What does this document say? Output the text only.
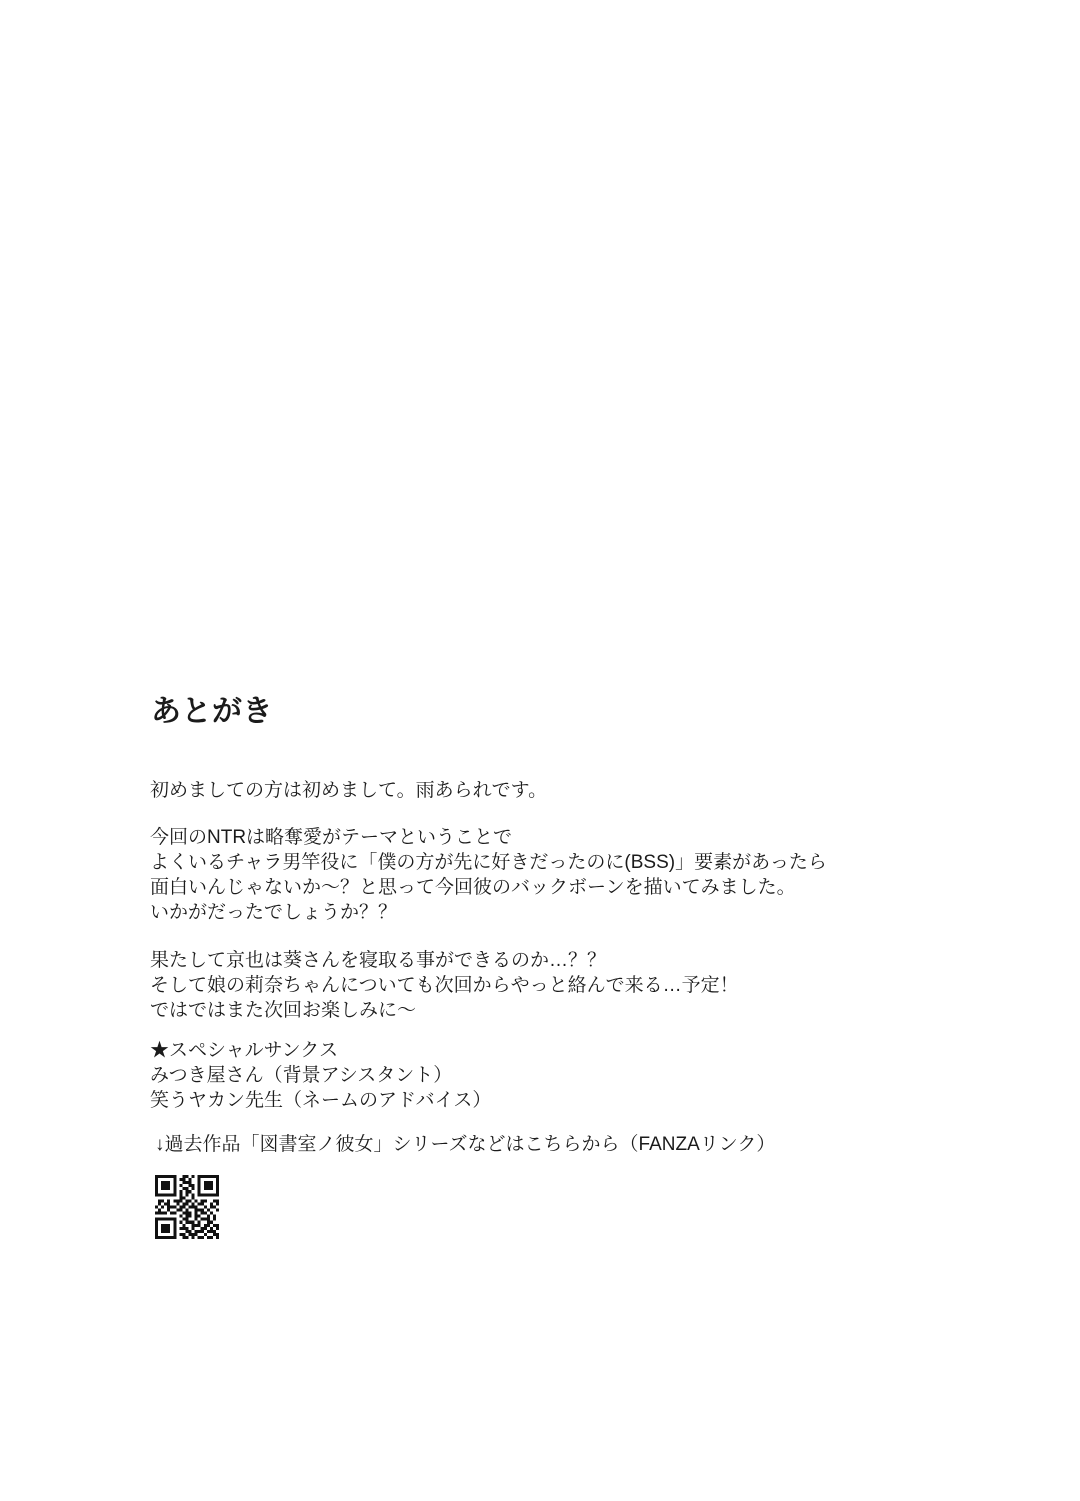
あとがき
初めましての方は初めまして。雨あられです。
今回のNTRは略奪愛がテーマということで
よくいるチャラ男竿役に「僕の方が先に好きだったのに(BSS)」要素があったら
面白いんじゃないか～？と思って今回彼のバックボーンを描いてみました。
いかがだったでしょうか？？
果たして京也は葵さんを寝取る事ができるのか…？？
そして娘の莉奈ちゃんについても次回からやっと絡んで来る…予定！
ではではまた次回お楽しみに～
★スペシャルサンクス
みつき屋さん（背景アシスタント）
笑うヤカン先生（ネームのアドバイス）
↓過去作品「図書室ノ彼女」シリーズなどはこちらから（FANZAリンク）
